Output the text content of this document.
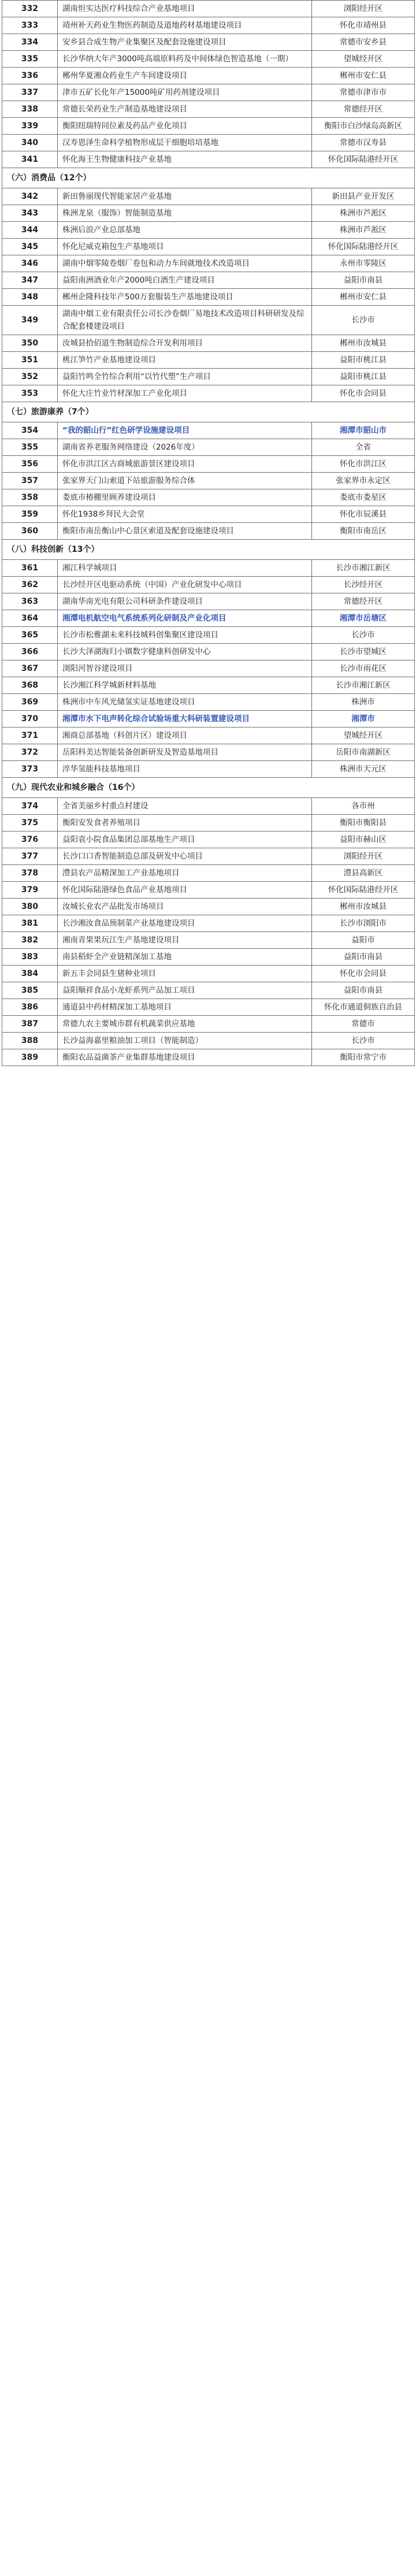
332	湖南恒实达医疗科技综合产业基地项目	浏阳经开区
333	靖州补天药业生物医药制造及道地药材基地建设项目	怀化市靖州县
334	安乡县合成生物产业集聚区及配套设施建设项目	常德市安乡县
335	长沙华纳大年产3000吨高端原料药及中间体绿色智造基地（一期）	望城经开区
336	郴州华夏湘众药业生产车间建设项目	郴州市安仁县
337	津市五矿长化年产15000吨矿用药剂建设项目	常德市津市市
338	常德长荣药业生产制造基地建设项目	常德经开区
339	衡阳纽瑞特同位素及药品产业化项目	衡阳市白沙绿岛高新区
340	汉寿恩泽生命科学植物形成层干细胞培培基地	常德市汉寿县
341	怀化海王生物健康科技产业基地	怀化国际陆港经开区
（六）消费品（12个）		
342	新田鲁丽现代智能家居产业基地	新田县产业开发区
343	株洲龙泉（服饰）智能制造基地	株洲市芦淞区
344	株洲后浪产业总部基地	株洲市芦淞区
345	怀化尼威克箱包生产基地项目	怀化国际陆港经开区
346	湖南中烟零陵卷烟厂卷包和动力车间就地技术改造项目	永州市零陵区
347	益阳南洲酒业年产2000吨白酒生产建设项目	益阳市南县
348	郴州企隆科技年产500万套服装生产基地建设项目	郴州市安仁县
349	湖南中烟工业有限责任公司长沙卷烟厂易地技术改造项目科研研发及综合配套楼建设项目	长沙市
350	汝城县拾佰道生物制造综合开发利用项目	郴州市汝城县
351	桃江笋竹产业基地建设项目	益阳市桃江县
352	益阳竹鸣全竹综合利用“以竹代塑”生产项目	益阳市桃江县
353	怀化大庄竹业竹材深加工产业化项目	怀化市会同县
（七）旅游康养（7个）		
354	“我的韶山行”红色研学设施建设项目	湘潭市韶山市
355	湖南省养老服务网络建设（2026年度）	全省
356	怀化市洪江区古商城旅游景区建设项目	怀化市洪江区
357	张家界天门山索道下站旅游服务综合体	张家界市永定区
358	娄底市椿棚里顾养建设项目	娄底市娄星区
359	怀化1938乡拜民大会堂	怀化市辰溪县
360	衡阳市南岳衡山中心景区索道及配套设施建设项目	衡阳市南岳区
（八）科技创新（13个）		
361	湘江科学城项目	长沙市湘江新区
362	长沙经开区电驱动系统（中国）产业化研发中心项目	长沙经开区
363	湖南华南光电有限公司科研条件建设项目	常德经开区
364	湘潭电机航空电气系统系列化研制及产业化项目	湘潭市岳塘区
365	长沙市松雅湖未来科技城科创集聚区建设项目	长沙市
366	长沙大泽湖海归小镇数字健康科创研发中心	长沙市望城区
367	浏阳河智谷建设项目	长沙市雨花区
368	长沙湘江科学城新材料基地	长沙市湘江新区
369	株洲市中车风光储氢实证基地建设项目	株洲市
370	湘潭市水下电声转化综合试验场重大科研装置建设项目	湘潭市
371	湘商总部基地（科创片区）建设项目	望城经开区
372	岳阳科美达智能装备创新研发及智造基地项目	岳阳市南湖新区
373	淬华氢能科技基地项目	株洲市天元区
（九）现代农业和城乡融合（16个）		
374	全省美丽乡村重点村建设	各市州
375	衡阳安发食者养殖项目	衡阳市衡阳县
376	益阳袁小院食品集团总部基地生产项目	益阳市赫山区
377	长沙口口香智能制造总部及研发中心项目	浏阳经开区
378	澧县农产品精深加工产业基地项目	澧县高新区
379	怀化国际陆港绿色食品产业基地项目	怀化国际陆港经开区
380	汝城长业农产品批发市场项目	郴州市汝城县
381	长沙湘汝食品预制菜产业基地建设项目	长沙市浏阳市
382	湘南青果果玩江生产基地建设项目	益阳市
383	南县稻虾全产业链精深加工基地	益阳市南县
384	新五丰会同县生猪种业项目	怀化市会同县
385	益阳顺祥食品小龙虾系列产品加工项目	益阳市南县
386	通道县中药材精深加工基地项目	怀化市通道侗族自治县
387	常德九农主要城市群有机蔬菜供应基地	常德市
388	长沙益海嘉里粮油加工项目（智能制造）	长沙市
389	衡阳农品益菌茶产业集群基地建设项目	衡阳市常宁市
